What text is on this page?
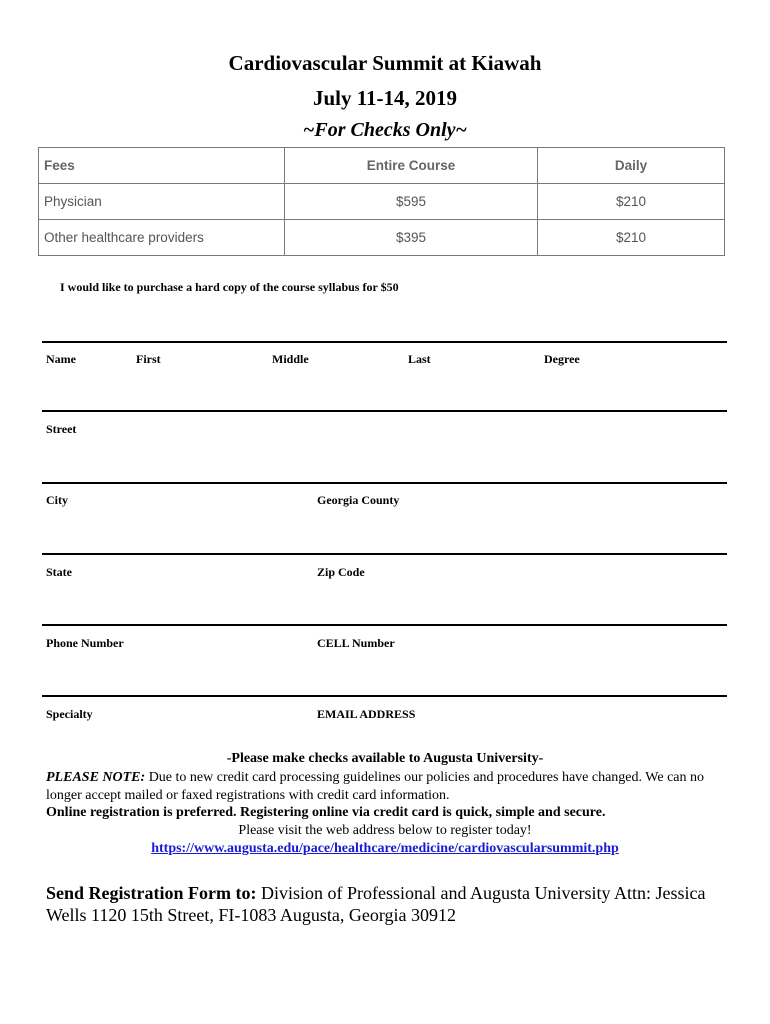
Cardiovascular Summit at Kiawah
July 11-14, 2019
~For Checks Only~
Fees	Entire Course	Daily
Physician	$595	$210
Other healthcare providers	$395	$210
I would like to purchase a hard copy of the course syllabus for $50
Name	First	Middle	Last	Degree
Street
City	Georgia County
State	Zip Code
Phone Number	CELL Number
Specialty	EMAIL ADDRESS
-Please make checks available to Augusta University-
PLEASE NOTE: Due to new credit card processing guidelines our policies and procedures have changed. We can no longer accept mailed or faxed registrations with credit card information.
Online registration is preferred. Registering online via credit card is quick, simple and secure.
Please visit the web address below to register today!
https://www.augusta.edu/pace/healthcare/medicine/cardiovascularsummit.php
Send Registration Form to: Division of Professional and Augusta University Attn: Jessica Wells 1120 15th Street, FI-1083 Augusta, Georgia 30912
